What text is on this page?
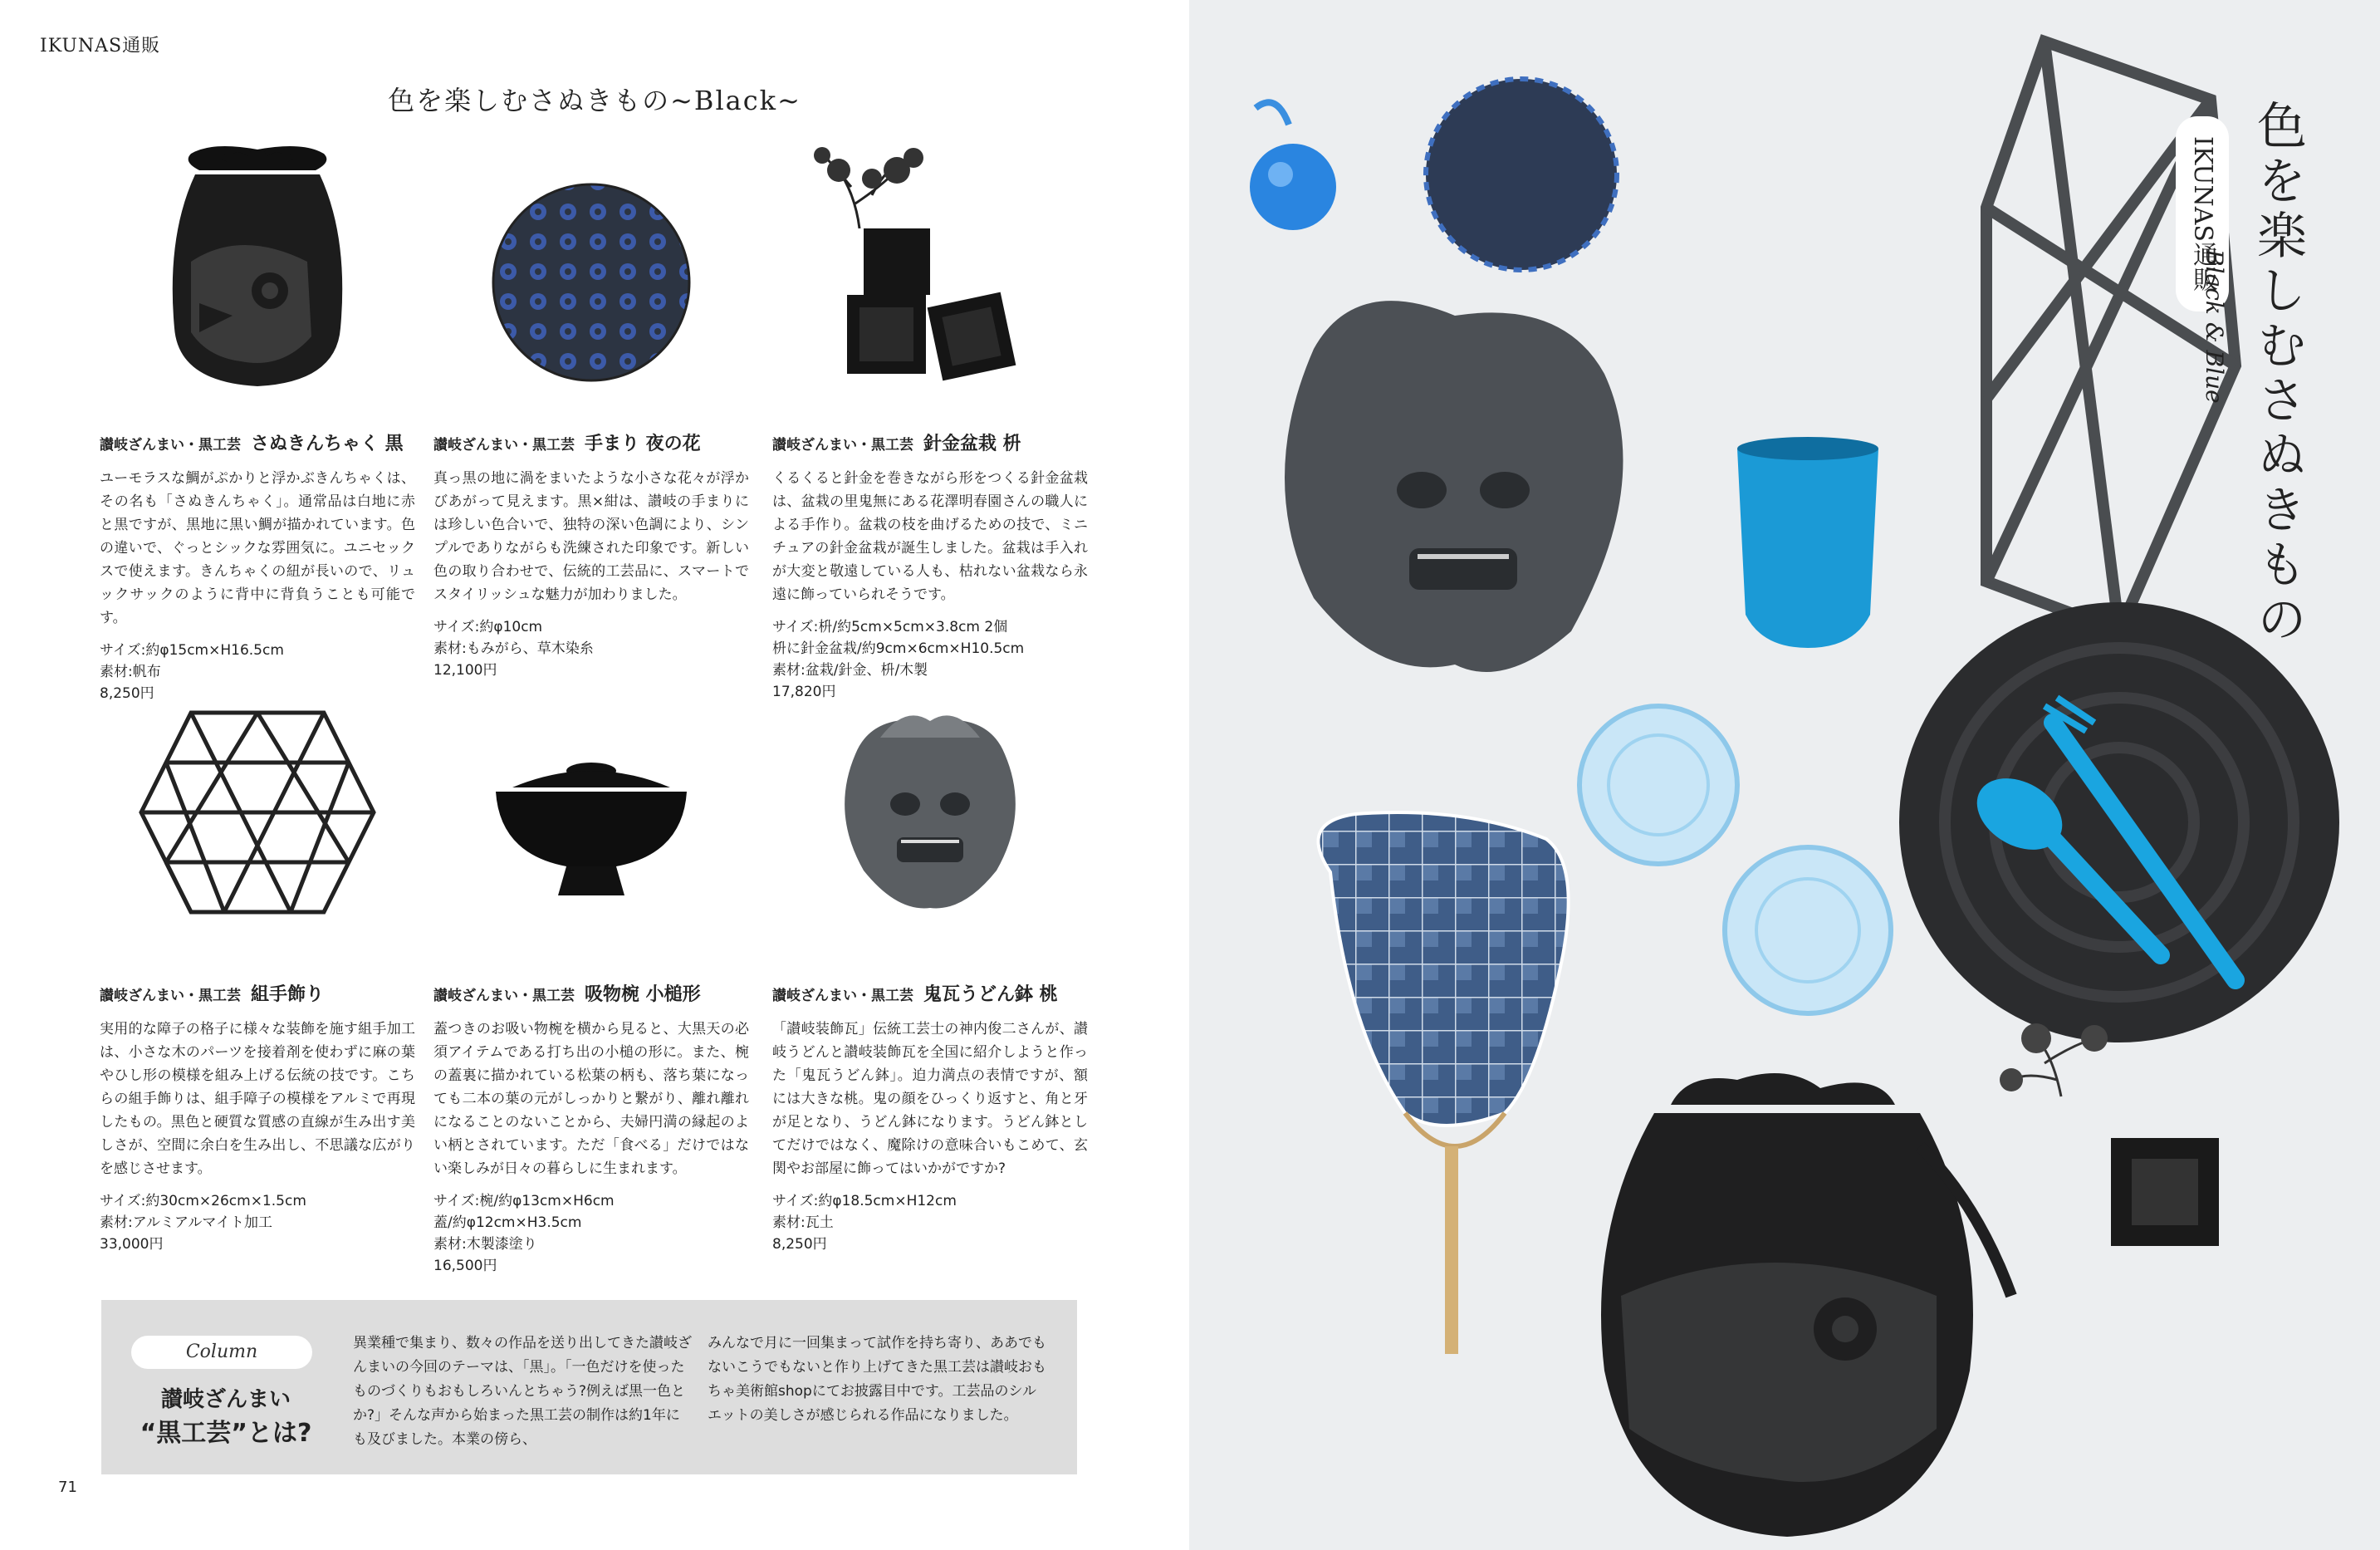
IKUNAS通販
色を楽しむさぬきもの~Black~
讃岐ざんまい・黒工芸 さぬきんちゃく 黒
ユーモラスな鯛がぷかりと浮かぶきんちゃくは、その名も「さぬきんちゃく」。通常品は白地に赤と黒ですが、黒地に黒い鯛が描かれています。色の違いで、ぐっとシックな雰囲気に。ユニセックスで使えます。きんちゃくの紐が長いので、リュックサックのように背中に背負うことも可能です。
サイズ:約φ15cm×H16.5cm
素材:帆布
8,250円
讃岐ざんまい・黒工芸 手まり 夜の花
真っ黒の地に渦をまいたような小さな花々が浮かびあがって見えます。黒×紺は、讃岐の手まりには珍しい色合いで、独特の深い色調により、シンプルでありながらも洗練された印象です。新しい色の取り合わせで、伝統的工芸品に、スマートでスタイリッシュな魅力が加わりました。
サイズ:約φ10cm
素材:もみがら、草木染糸
12,100円
讃岐ざんまい・黒工芸 針金盆栽 枡
くるくると針金を巻きながら形をつくる針金盆栽は、盆栽の里鬼無にある花澤明春園さんの職人による手作り。盆栽の枝を曲げるための技で、ミニチュアの針金盆栽が誕生しました。盆栽は手入れが大変と敬遠している人も、枯れない盆栽なら永遠に飾っていられそうです。
サイズ:枡/約5cm×5cm×3.8cm 2個
枡に針金盆栽/約9cm×6cm×H10.5cm
素材:盆栽/針金、枡/木製
17,820円
讃岐ざんまい・黒工芸 組手飾り
実用的な障子の格子に様々な装飾を施す組手加工は、小さな木のパーツを接着剤を使わずに麻の葉やひし形の模様を組み上げる伝統の技です。こちらの組手飾りは、組手障子の模様をアルミで再現したもの。黒色と硬質な質感の直線が生み出す美しさが、空間に余白を生み出し、不思議な広がりを感じさせます。
サイズ:約30cm×26cm×1.5cm
素材:アルミアルマイト加工
33,000円
讃岐ざんまい・黒工芸 吸物椀 小槌形
蓋つきのお吸い物椀を横から見ると、大黒天の必須アイテムである打ち出の小槌の形に。また、椀の蓋裏に描かれている松葉の柄も、落ち葉になっても二本の葉の元がしっかりと繋がり、離れ離れになることのないことから、夫婦円満の縁起のよい柄とされています。ただ「食べる」だけではない楽しみが日々の暮らしに生まれます。
サイズ:椀/約φ13cm×H6cm
蓋/約φ12cm×H3.5cm
素材:木製漆塗り
16,500円
讃岐ざんまい・黒工芸 鬼瓦うどん鉢 桃
「讃岐装飾瓦」伝統工芸士の神内俊二さんが、讃岐うどんと讃岐装飾瓦を全国に紹介しようと作った「鬼瓦うどん鉢」。迫力満点の表情ですが、額には大きな桃。鬼の顔をひっくり返すと、角と牙が足となり、うどん鉢になります。うどん鉢としてだけではなく、魔除けの意味合いもこめて、玄関やお部屋に飾ってはいかがですか?
サイズ:約φ18.5cm×H12cm
素材:瓦土
8,250円
Column
讃岐ざんまい
“黒工芸”とは?
異業種で集まり、数々の作品を送り出してきた讃岐ざんまいの今回のテーマは、「黒」。「一色だけを使ったものづくりもおもしろいんとちゃう?例えば黒一色とか?」そんな声から始まった黒工芸の制作は約1年にも及びました。本業の傍ら、
みんなで月に一回集まって試作を持ち寄り、ああでもないこうでもないと作り上げてきた黒工芸は讃岐おもちゃ美術館shopにてお披露目中です。工芸品のシルエットの美しさが感じられる作品になりました。
71
IKUNAS通販 色を楽しむさぬきもの
Black & Blue
